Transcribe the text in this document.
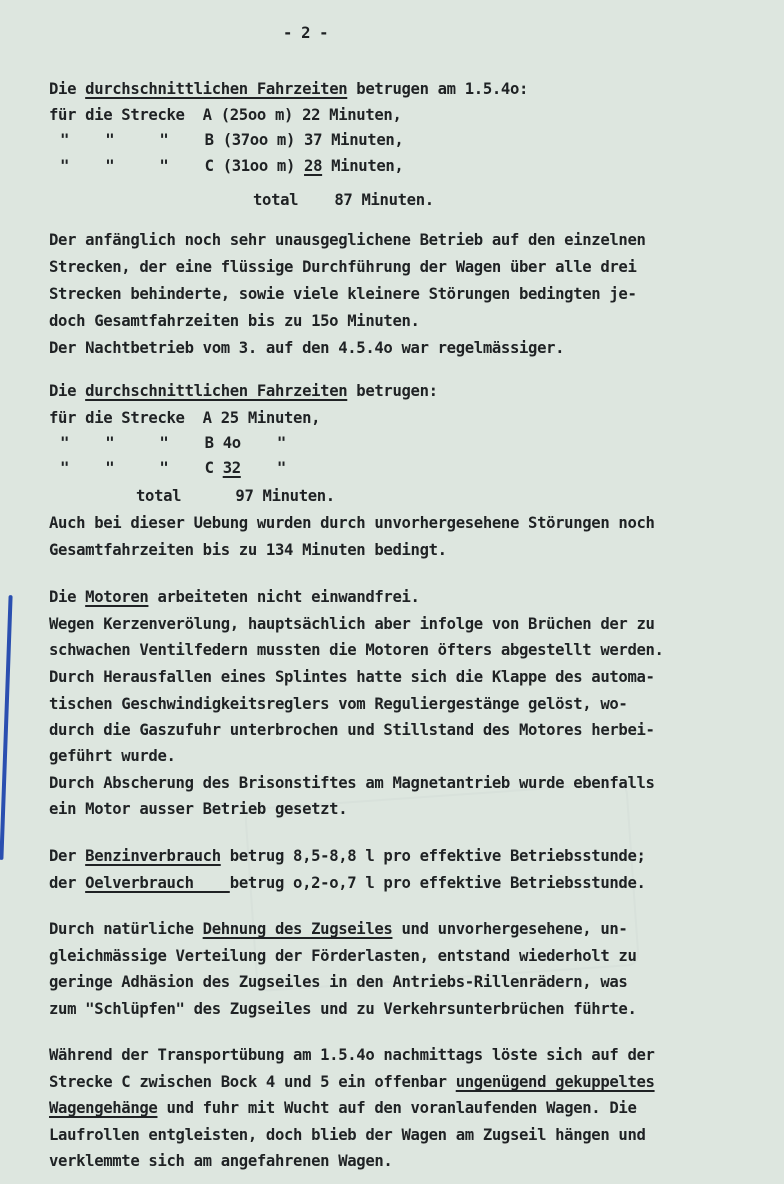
- 2 -
Die durchschnittlichen Fahrzeiten betrugen am 1.5.4o:
für die Strecke  A (25oo m) 22 Minuten,
"    "     "    B (37oo m) 37 Minuten,
"    "     "    C (31oo m) 28 Minuten,
total    87 Minuten.
Der anfänglich noch sehr unausgeglichene Betrieb auf den einzelnen
Strecken, der eine flüssige Durchführung der Wagen über alle drei
Strecken behinderte, sowie viele kleinere Störungen bedingten je-
doch Gesamtfahrzeiten bis zu 15o Minuten.
Der Nachtbetrieb vom 3. auf den 4.5.4o war regelmässiger.
Die durchschnittlichen Fahrzeiten betrugen:
für die Strecke  A 25 Minuten,
"    "     "    B 4o    "
"    "     "    C 32    "
total      97 Minuten.
Auch bei dieser Uebung wurden durch unvorhergesehene Störungen noch
Gesamtfahrzeiten bis zu 134 Minuten bedingt.
Die Motoren arbeiteten nicht einwandfrei.
Wegen Kerzenverölung, hauptsächlich aber infolge von Brüchen der zu
schwachen Ventilfedern mussten die Motoren öfters abgestellt werden.
Durch Herausfallen eines Splintes hatte sich die Klappe des automa-
tischen Geschwindigkeitsreglers vom Reguliergestänge gelöst, wo-
durch die Gaszufuhr unterbrochen und Stillstand des Motores herbei-
geführt wurde.
Durch Abscherung des Brisonstiftes am Magnetantrieb wurde ebenfalls
ein Motor ausser Betrieb gesetzt.
Der Benzinverbrauch betrug 8,5-8,8 l pro effektive Betriebsstunde;
der Oelverbrauch    betrug o,2-o,7 l pro effektive Betriebsstunde.
Durch natürliche Dehnung des Zugseiles und unvorhergesehene, un-
gleichmässige Verteilung der Förderlasten, entstand wiederholt zu
geringe Adhäsion des Zugseiles in den Antriebs-Rillenrädern, was
zum "Schlüpfen" des Zugseiles und zu Verkehrsunterbrüchen führte.
Während der Transportübung am 1.5.4o nachmittags löste sich auf der
Strecke C zwischen Bock 4 und 5 ein offenbar ungenügend gekuppeltes
Wagengehänge und fuhr mit Wucht auf den voranlaufenden Wagen. Die
Laufrollen entgleisten, doch blieb der Wagen am Zugseil hängen und
verklemmte sich am angefahrenen Wagen.
